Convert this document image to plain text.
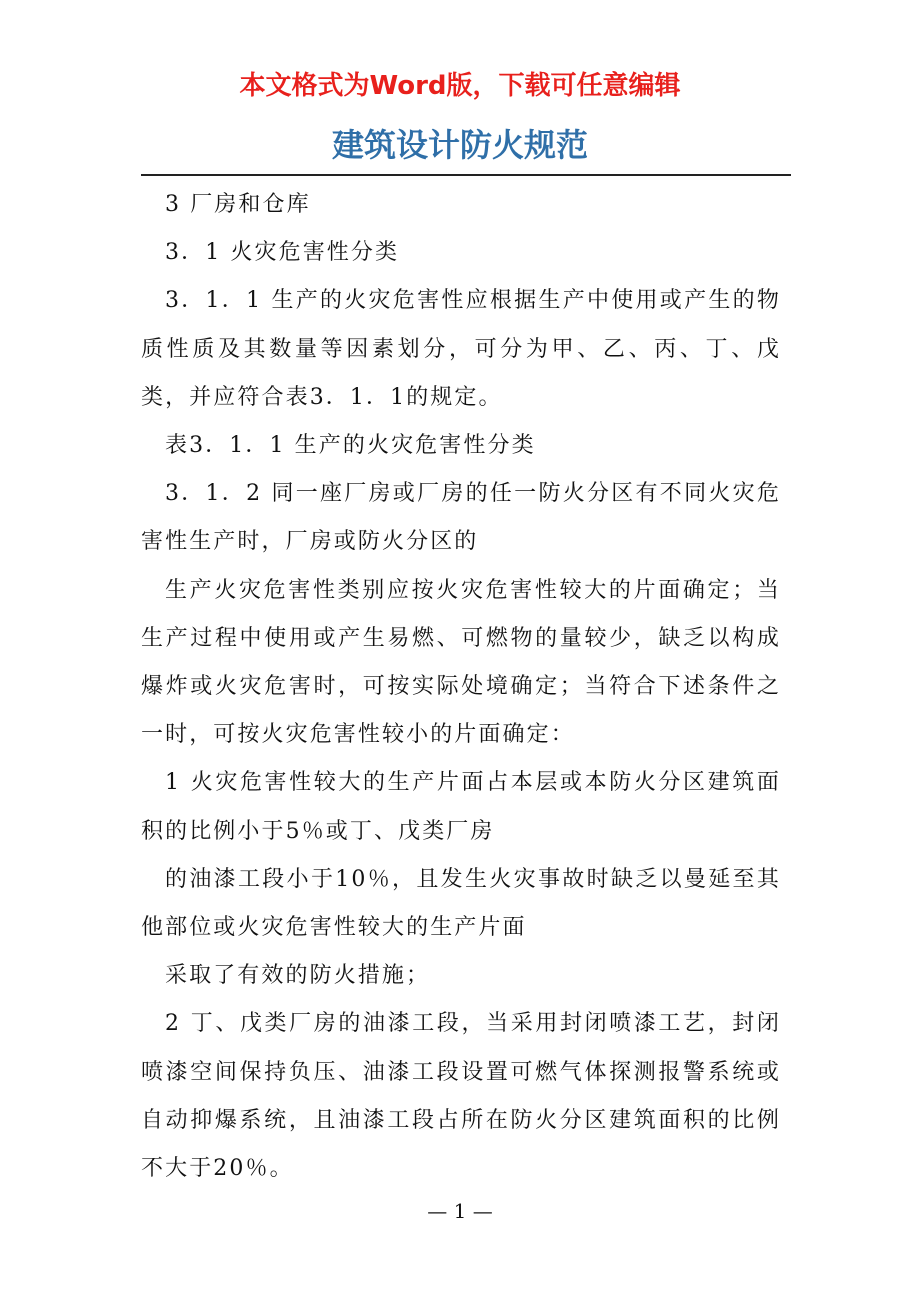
本文格式为Word版，下载可任意编辑
建筑设计防火规范

3 厂房和仓库

3．1 火灾危害性分类

3．1．1 生产的火灾危害性应根据生产中使用或产生的物质性质及其数量等因素划分，可分为甲、乙、丙、丁、戊类，并应符合表3．1．1的规定。

表3．1．1 生产的火灾危害性分类

3．1．2 同一座厂房或厂房的任一防火分区有不同火灾危害性生产时，厂房或防火分区的

生产火灾危害性类别应按火灾危害性较大的片面确定；当生产过程中使用或产生易燃、可燃物的量较少，缺乏以构成爆炸或火灾危害时，可按实际处境确定；当符合下述条件之一时，可按火灾危害性较小的片面确定：

1 火灾危害性较大的生产片面占本层或本防火分区建筑面积的比例小于5％或丁、戊类厂房

的油漆工段小于10％，且发生火灾事故时缺乏以曼延至其他部位或火灾危害性较大的生产片面

采取了有效的防火措施；

2 丁、戊类厂房的油漆工段，当采用封闭喷漆工艺，封闭喷漆空间保持负压、油漆工段设置可燃气体探测报警系统或自动抑爆系统，且油漆工段占所在防火分区建筑面积的比例不大于20％。

— 1 —
